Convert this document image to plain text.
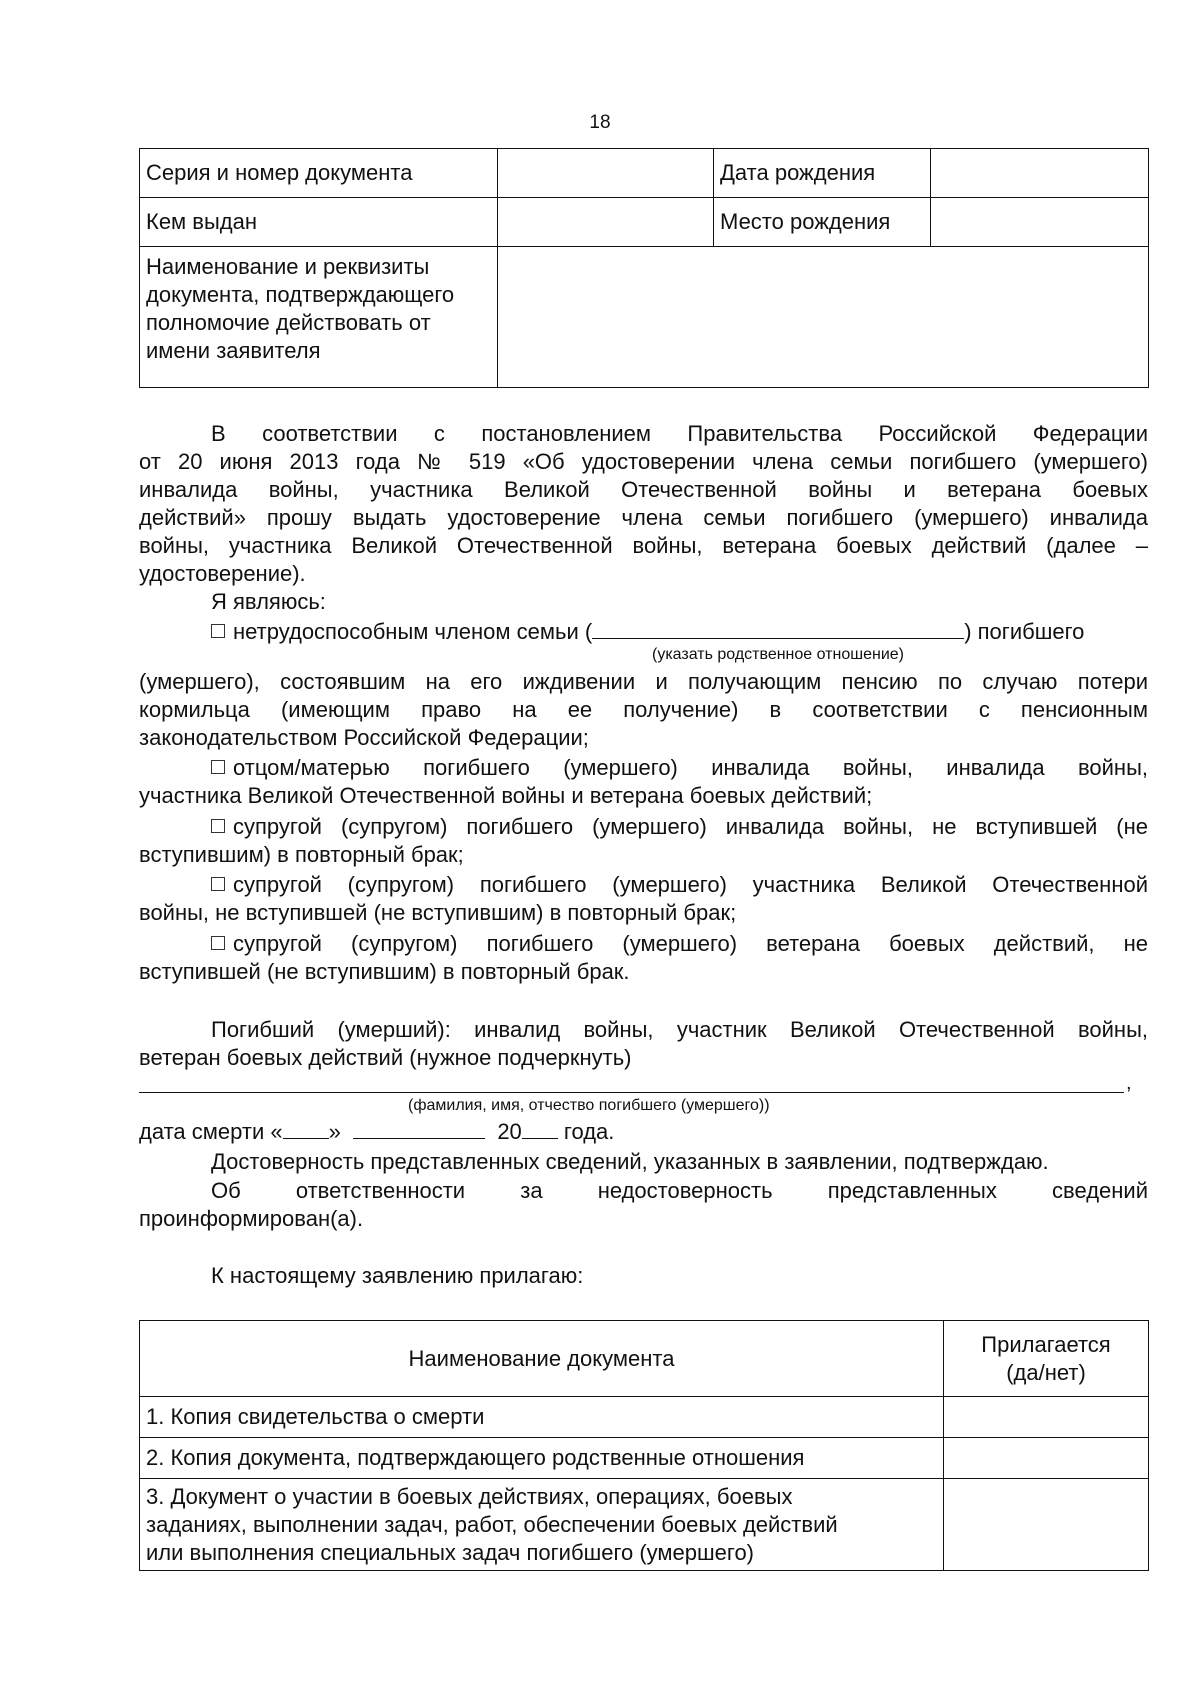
18
Серия и номер документа		Дата рождения	
Кем выдан		Место рождения	
Наименование и реквизиты документа, подтверждающего полномочие действовать от имени заявителя			
В соответствии с постановлением Правительства Российской Федерации
от 20 июня 2013 года № 519 «Об удостоверении члена семьи погибшего (умершего)
инвалида войны, участника Великой Отечественной войны и ветерана боевых
действий» прошу выдать удостоверение члена семьи погибшего (умершего) инвалида
войны, участника Великой Отечественной войны, ветерана боевых действий (далее –
удостоверение).
Я являюсь:
нетрудоспособным членом семьи (	) погибшего
(указать родственное отношение)
(умершего), состоявшим на его иждивении и получающим пенсию по случаю потери
кормильца (имеющим право на ее получение) в соответствии с пенсионным
законодательством Российской Федерации;
отцом/матерью погибшего (умершего) инвалида войны, инвалида войны,
участника Великой Отечественной войны и ветерана боевых действий;
супругой (супругом) погибшего (умершего) инвалида войны, не вступившей (не
вступившим) в повторный брак;
супругой (супругом) погибшего (умершего) участника Великой Отечественной
войны, не вступившей (не вступившим) в повторный брак;
супругой (супругом) погибшего (умершего) ветерана боевых действий, не
вступившей (не вступившим) в повторный брак.
Погибший (умерший): инвалид войны, участник Великой Отечественной войны,
ветеран боевых действий (нужное подчеркнуть)
,
(фамилия, имя, отчество погибшего (умершего))
дата смерти « »	20 года.
Достоверность представленных сведений, указанных в заявлении, подтверждаю.
Об ответственности за недостоверность представленных сведений
проинформирован(а).
К настоящему заявлению прилагаю:
Наименование документа	Прилагается
(да/нет)

1. Копия свидетельства о смерти	
2. Копия документа, подтверждающего родственные отношения	

3. Документ о участии в боевых действиях, операциях, боевых
заданиях, выполнении задач, работ, обеспечении боевых действий
или выполнения специальных задач погибшего (умершего)	
